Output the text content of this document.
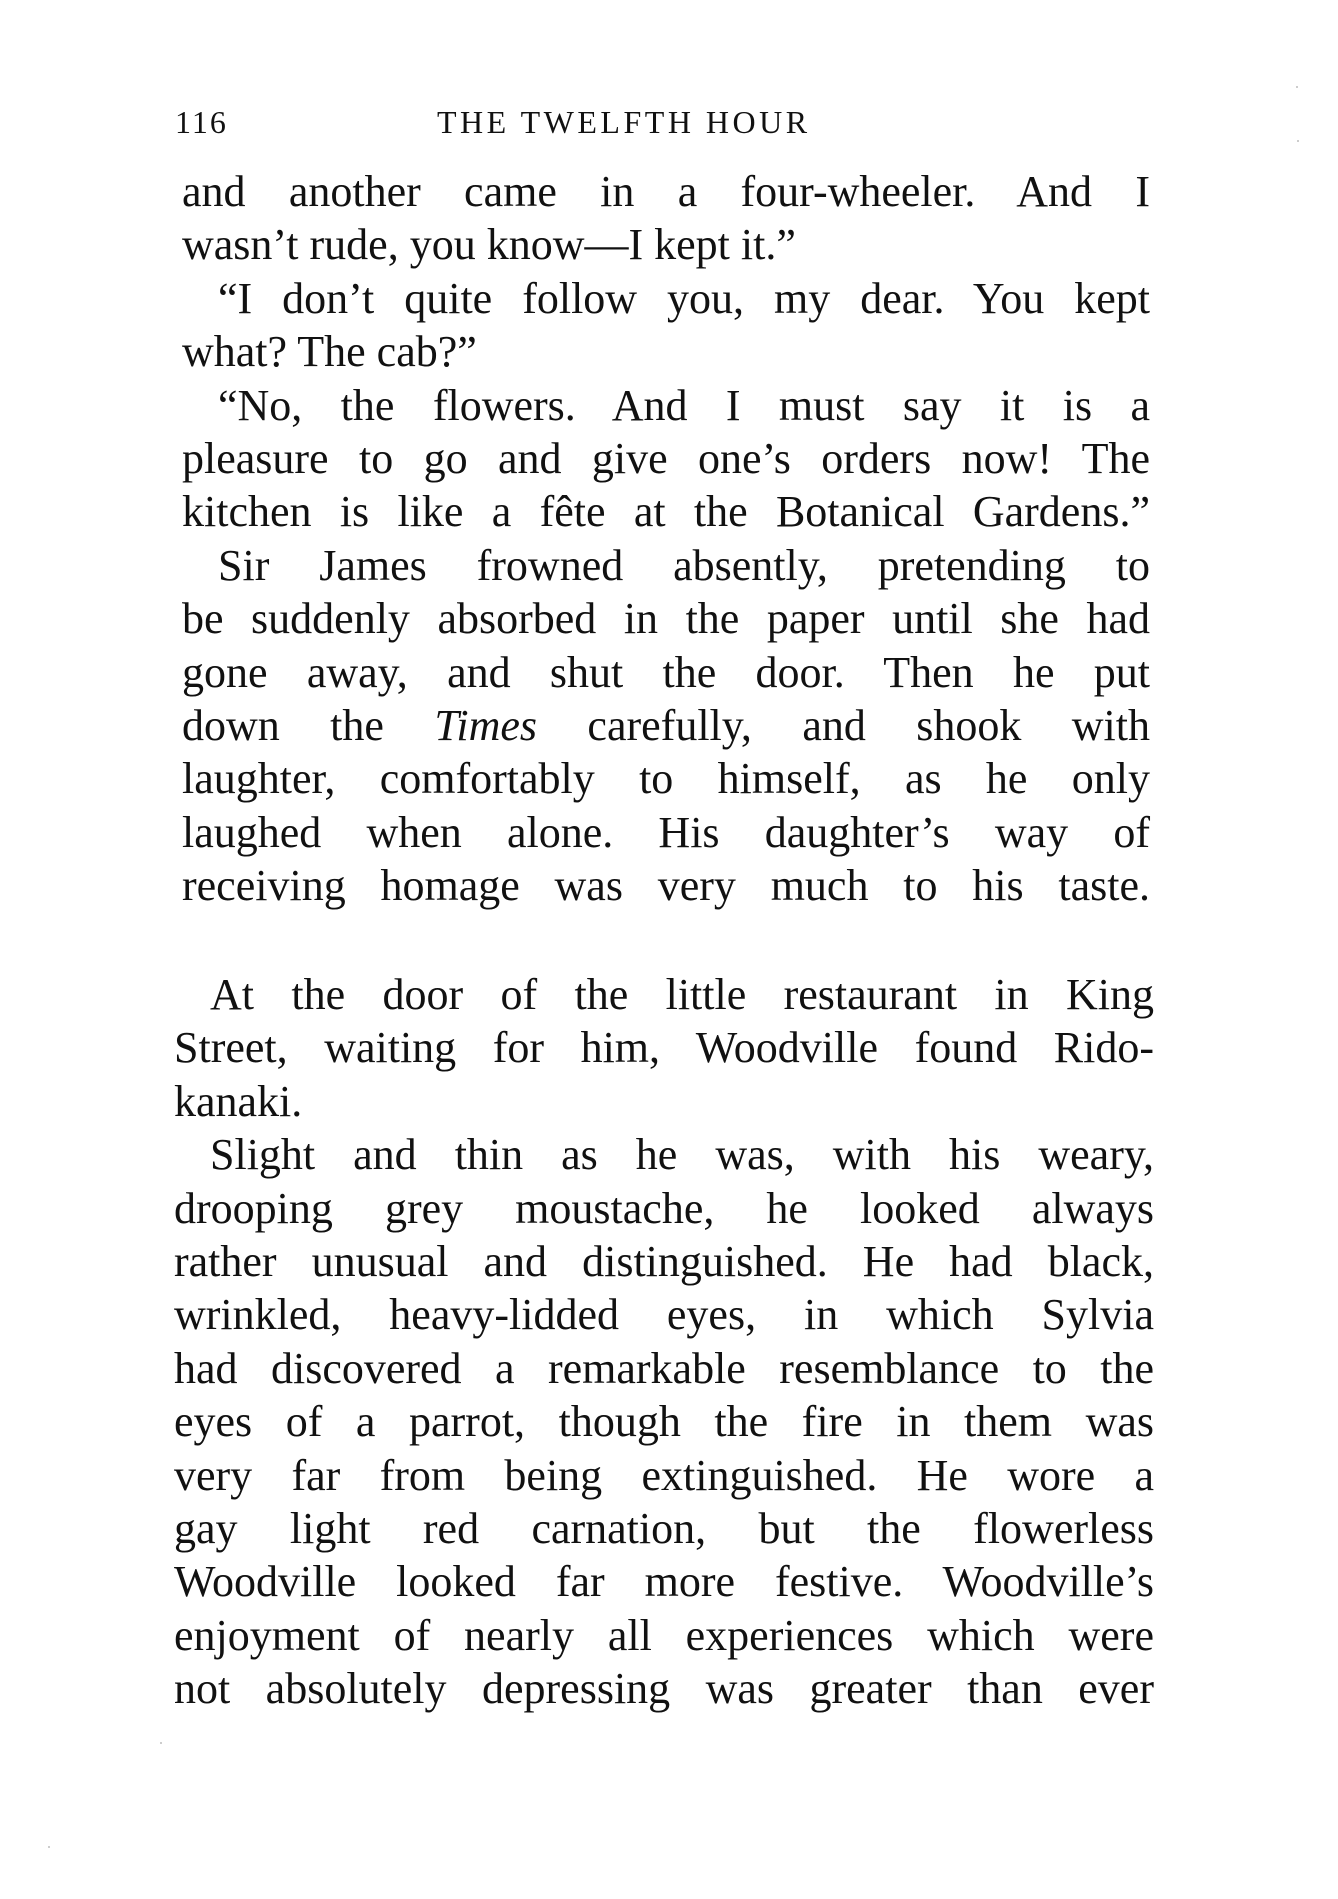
116	THE TWELFTH HOUR
and another came in a four-wheeler. And I
wasn’t rude, you know—I kept it.”
“I don’t quite follow you, my dear. You kept
what? The cab?”
“No, the flowers. And I must say it is a
pleasure to go and give one’s orders now! The
kitchen is like a fête at the Botanical Gardens.”
Sir James frowned absently, pretending to
be suddenly absorbed in the paper until she had
gone away, and shut the door. Then he put
down the Times carefully, and shook with
laughter, comfortably to himself, as he only
laughed when alone. His daughter’s way of
receiving homage was very much to his taste.
At the door of the little restaurant in King
Street, waiting for him, Woodville found Rido-
kanaki.
Slight and thin as he was, with his weary,
drooping grey moustache, he looked always
rather unusual and distinguished. He had black,
wrinkled, heavy-lidded eyes, in which Sylvia
had discovered a remarkable resemblance to the
eyes of a parrot, though the fire in them was
very far from being extinguished. He wore a
gay light red carnation, but the flowerless
Woodville looked far more festive. Woodville’s
enjoyment of nearly all experiences which were
not absolutely depressing was greater than ever
